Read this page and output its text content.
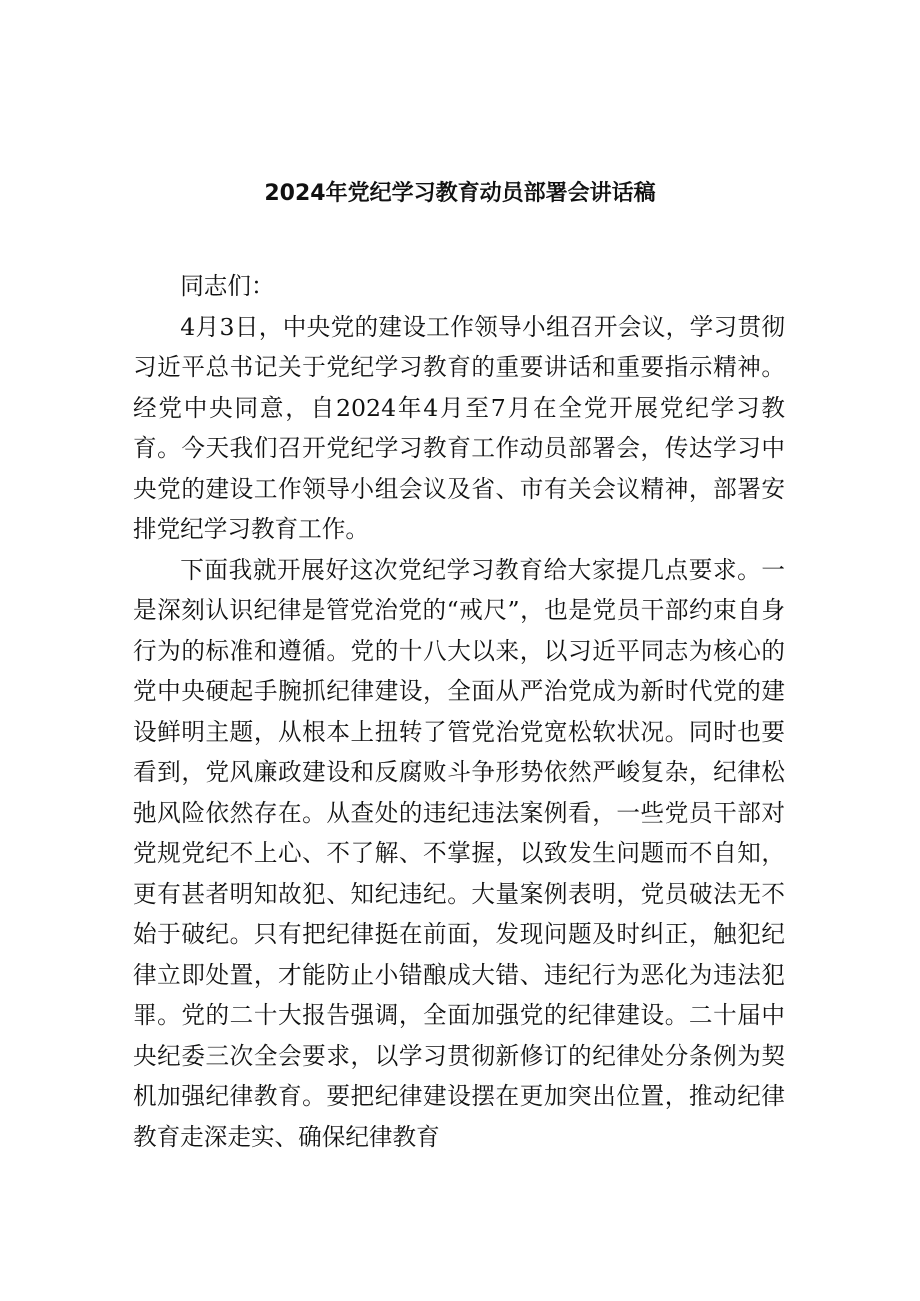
2024年党纪学习教育动员部署会讲话稿

同志们：

4月3日，中央党的建设工作领导小组召开会议，学习贯彻习近平总书记关于党纪学习教育的重要讲话和重要指示精神。经党中央同意，自2024年4月至7月在全党开展党纪学习教育。今天我们召开党纪学习教育工作动员部署会，传达学习中央党的建设工作领导小组会议及省、市有关会议精神，部署安排党纪学习教育工作。

下面我就开展好这次党纪学习教育给大家提几点要求。一是深刻认识纪律是管党治党的“戒尺”，也是党员干部约束自身行为的标准和遵循。党的十八大以来，以习近平同志为核心的党中央硬起手腕抓纪律建设，全面从严治党成为新时代党的建设鲜明主题，从根本上扭转了管党治党宽松软状况。同时也要看到，党风廉政建设和反腐败斗争形势依然严峻复杂，纪律松弛风险依然存在。从查处的违纪违法案例看，一些党员干部对党规党纪不上心、不了解、不掌握，以致发生问题而不自知，更有甚者明知故犯、知纪违纪。大量案例表明，党员破法无不始于破纪。只有把纪律挺在前面，发现问题及时纠正，触犯纪律立即处置，才能防止小错酿成大错、违纪行为恶化为违法犯罪。党的二十大报告强调，全面加强党的纪律建设。二十届中央纪委三次全会要求，以学习贯彻新修订的纪律处分条例为契机加强纪律教育。要把纪律建设摆在更加突出位置，推动纪律教育走深走实、确保纪律教育
